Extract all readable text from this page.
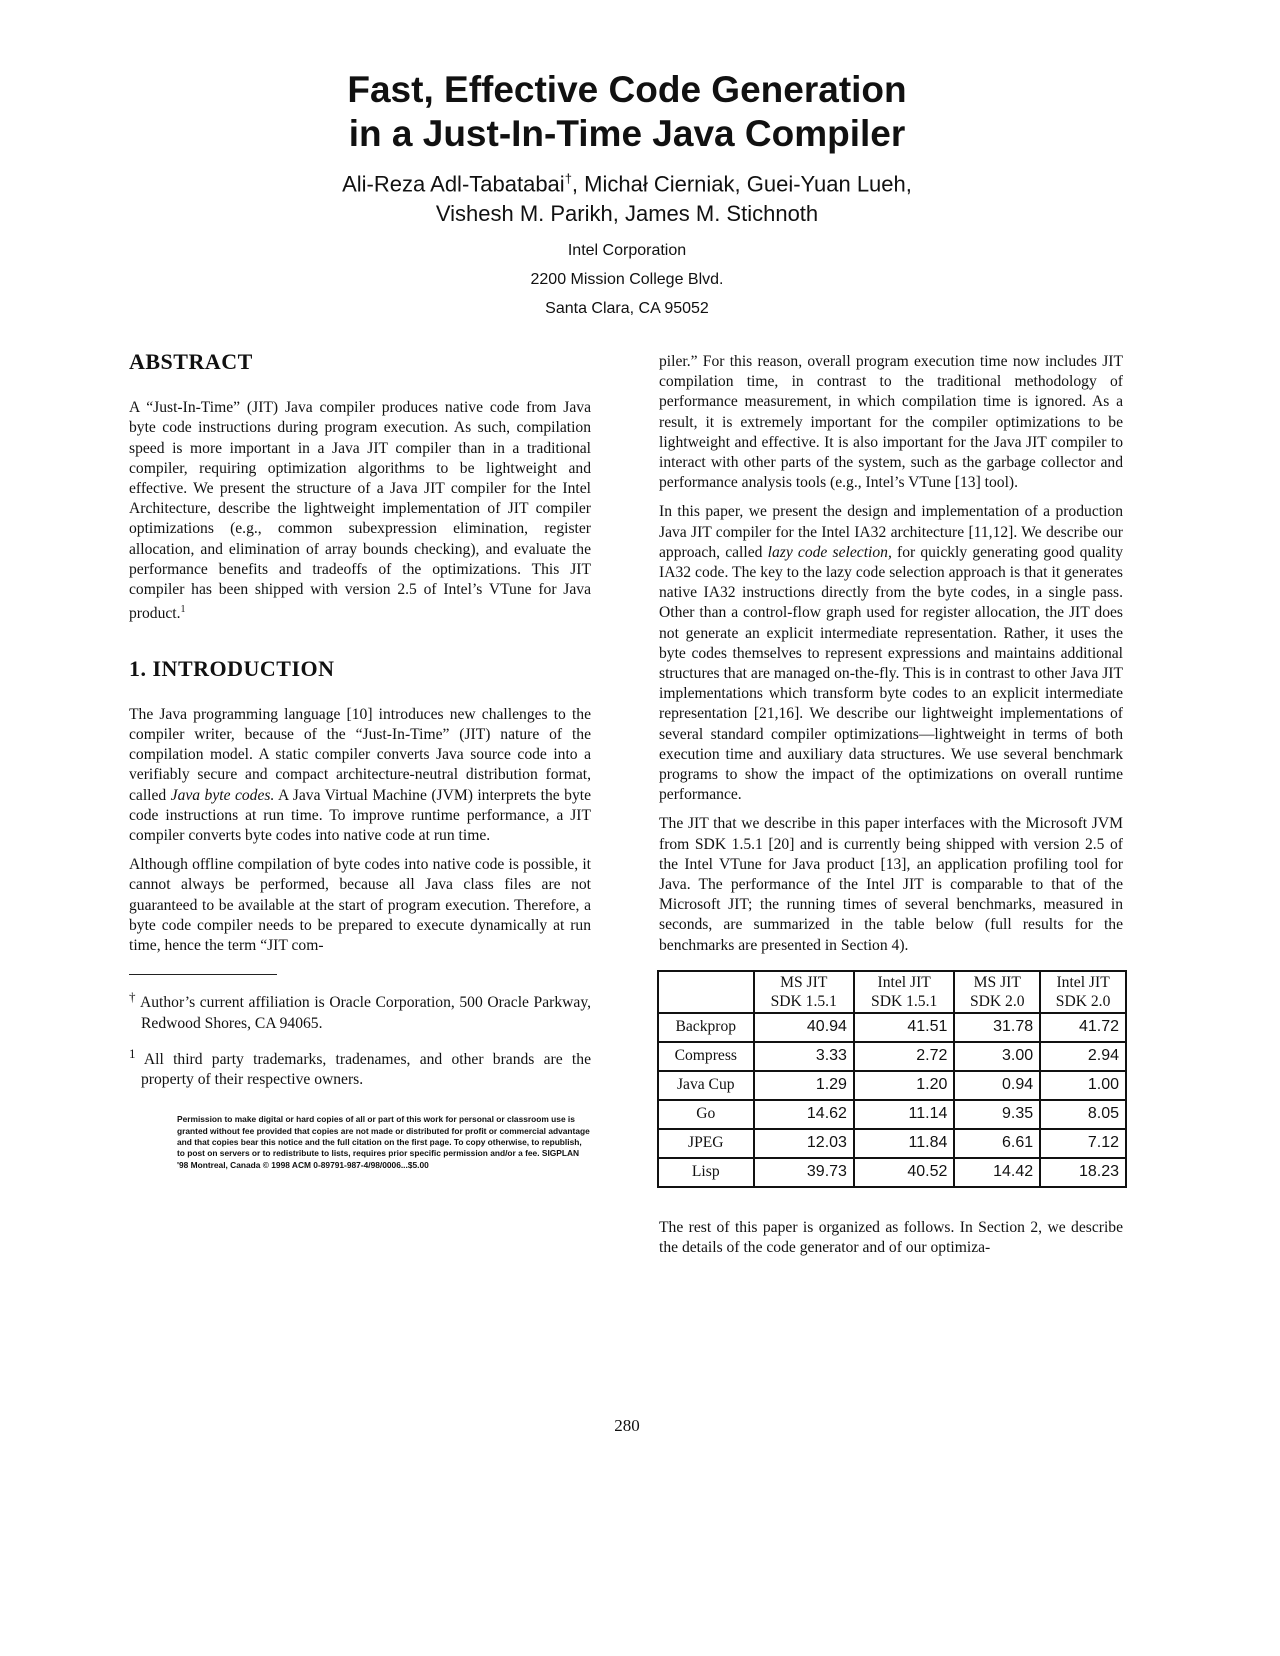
Fast, Effective Code Generation
in a Just-In-Time Java Compiler
Ali-Reza Adl-Tabatabai†, Michał Cierniak, Guei-Yuan Lueh,
Vishesh M. Parikh, James M. Stichnoth
Intel Corporation
2200 Mission College Blvd.
Santa Clara, CA 95052
ABSTRACT

A “Just-In-Time” (JIT) Java compiler produces native code from Java byte code instructions during program execution. As such, compilation speed is more important in a Java JIT compiler than in a traditional compiler, requiring optimization algorithms to be lightweight and effective. We present the structure of a Java JIT compiler for the Intel Architecture, describe the lightweight implementation of JIT compiler optimizations (e.g., common subexpression elimination, register allocation, and elimination of array bounds checking), and evaluate the performance benefits and tradeoffs of the optimizations. This JIT compiler has been shipped with version 2.5 of Intel’s VTune for Java product.$^1$

1. INTRODUCTION

The Java programming language [10] introduces new challenges to the compiler writer, because of the “Just-In-Time” (JIT) nature of the compilation model. A static compiler converts Java source code into a verifiably secure and compact architecture-neutral distribution format, called Java byte codes. A Java Virtual Machine (JVM) interprets the byte code instructions at run time. To improve runtime performance, a JIT compiler converts byte codes into native code at run time.

Although offline compilation of byte codes into native code is possible, it cannot always be performed, because all Java class files are not guaranteed to be available at the start of program execution. Therefore, a byte code compiler needs to be prepared to execute dynamically at run time, hence the term “JIT com-

† Author’s current affiliation is Oracle Corporation, 500 Oracle Parkway, Redwood Shores, CA 94065.

$^1$ All third party trademarks, tradenames, and other brands are the property of their respective owners.

Permission to make digital or hard copies of all or part of this work for personal or classroom use is granted without fee provided that copies are not made or distributed for profit or commercial advantage and that copies bear this notice and the full citation on the first page. To copy otherwise, to republish, to post on servers or to redistribute to lists, requires prior specific permission and/or a fee. SIGPLAN '98 Montreal, Canada © 1998 ACM 0-89791-987-4/98/0006...$5.00

piler.” For this reason, overall program execution time now includes JIT compilation time, in contrast to the traditional methodology of performance measurement, in which compilation time is ignored. As a result, it is extremely important for the compiler optimizations to be lightweight and effective. It is also important for the Java JIT compiler to interact with other parts of the system, such as the garbage collector and performance analysis tools (e.g., Intel’s VTune [13] tool).

In this paper, we present the design and implementation of a production Java JIT compiler for the Intel IA32 architecture [11,12]. We describe our approach, called lazy code selection, for quickly generating good quality IA32 code. The key to the lazy code selection approach is that it generates native IA32 instructions directly from the byte codes, in a single pass. Other than a control-flow graph used for register allocation, the JIT does not generate an explicit intermediate representation. Rather, it uses the byte codes themselves to represent expressions and maintains additional structures that are managed on-the-fly. This is in contrast to other Java JIT implementations which transform byte codes to an explicit intermediate representation [21,16]. We describe our lightweight implementations of several standard compiler optimizations—lightweight in terms of both execution time and auxiliary data structures. We use several benchmark programs to show the impact of the optimizations on overall runtime performance.

The JIT that we describe in this paper interfaces with the Microsoft JVM from SDK 1.5.1 [20] and is currently being shipped with version 2.5 of the Intel VTune for Java product [13], an application profiling tool for Java. The performance of the Intel JIT is comparable to that of the Microsoft JIT; the running times of several benchmarks, measured in seconds, are summarized in the table below (full results for the benchmarks are presented in Section 4).

	MS JIT
SDK 1.5.1	Intel JIT
SDK 1.5.1	MS JIT
SDK 2.0	Intel JIT
SDK 2.0
Backprop	40.94	41.51	31.78	41.72
Compress	3.33	2.72	3.00	2.94
Java Cup	1.29	1.20	0.94	1.00
Go	14.62	11.14	9.35	8.05
JPEG	12.03	11.84	6.61	7.12
Lisp	39.73	40.52	14.42	18.23

The rest of this paper is organized as follows. In Section 2, we describe the details of the code generator and of our optimiza-

280
